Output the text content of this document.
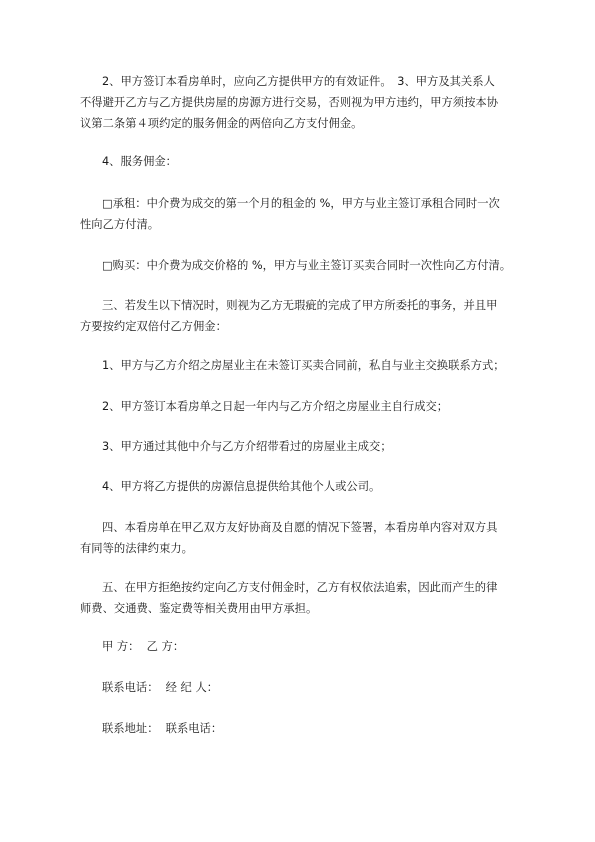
2、甲方签订本看房单时，应向乙方提供甲方的有效证件。　3、甲方及其关系人
不得避开乙方与乙方提供房屋的房源方进行交易，否则视为甲方违约，甲方须按本协
议第二条第４项约定的服务佣金的两倍向乙方支付佣金。
4、服务佣金：
□承租：中介费为成交的第一个月的租金的 %，甲方与业主签订承租合同时一次
性向乙方付清。
□购买：中介费为成交价格的 %，甲方与业主签订买卖合同时一次性向乙方付清。
三、若发生以下情况时，则视为乙方无瑕疵的完成了甲方所委托的事务，并且甲
方要按约定双倍付乙方佣金：
1、甲方与乙方介绍之房屋业主在未签订买卖合同前，私自与业主交换联系方式；
2、甲方签订本看房单之日起一年内与乙方介绍之房屋业主自行成交；
3、甲方通过其他中介与乙方介绍带看过的房屋业主成交；
4、甲方将乙方提供的房源信息提供给其他个人或公司。
四、本看房单在甲乙双方友好协商及自愿的情况下签署，本看房单内容对双方具
有同等的法律约束力。
五、在甲方拒绝按约定向乙方支付佣金时，乙方有权依法追索，因此而产生的律
师费、交通费、鉴定费等相关费用由甲方承担。
甲 方：  乙 方：
联系电话：  经 纪 人：
联系地址：  联系电话：
